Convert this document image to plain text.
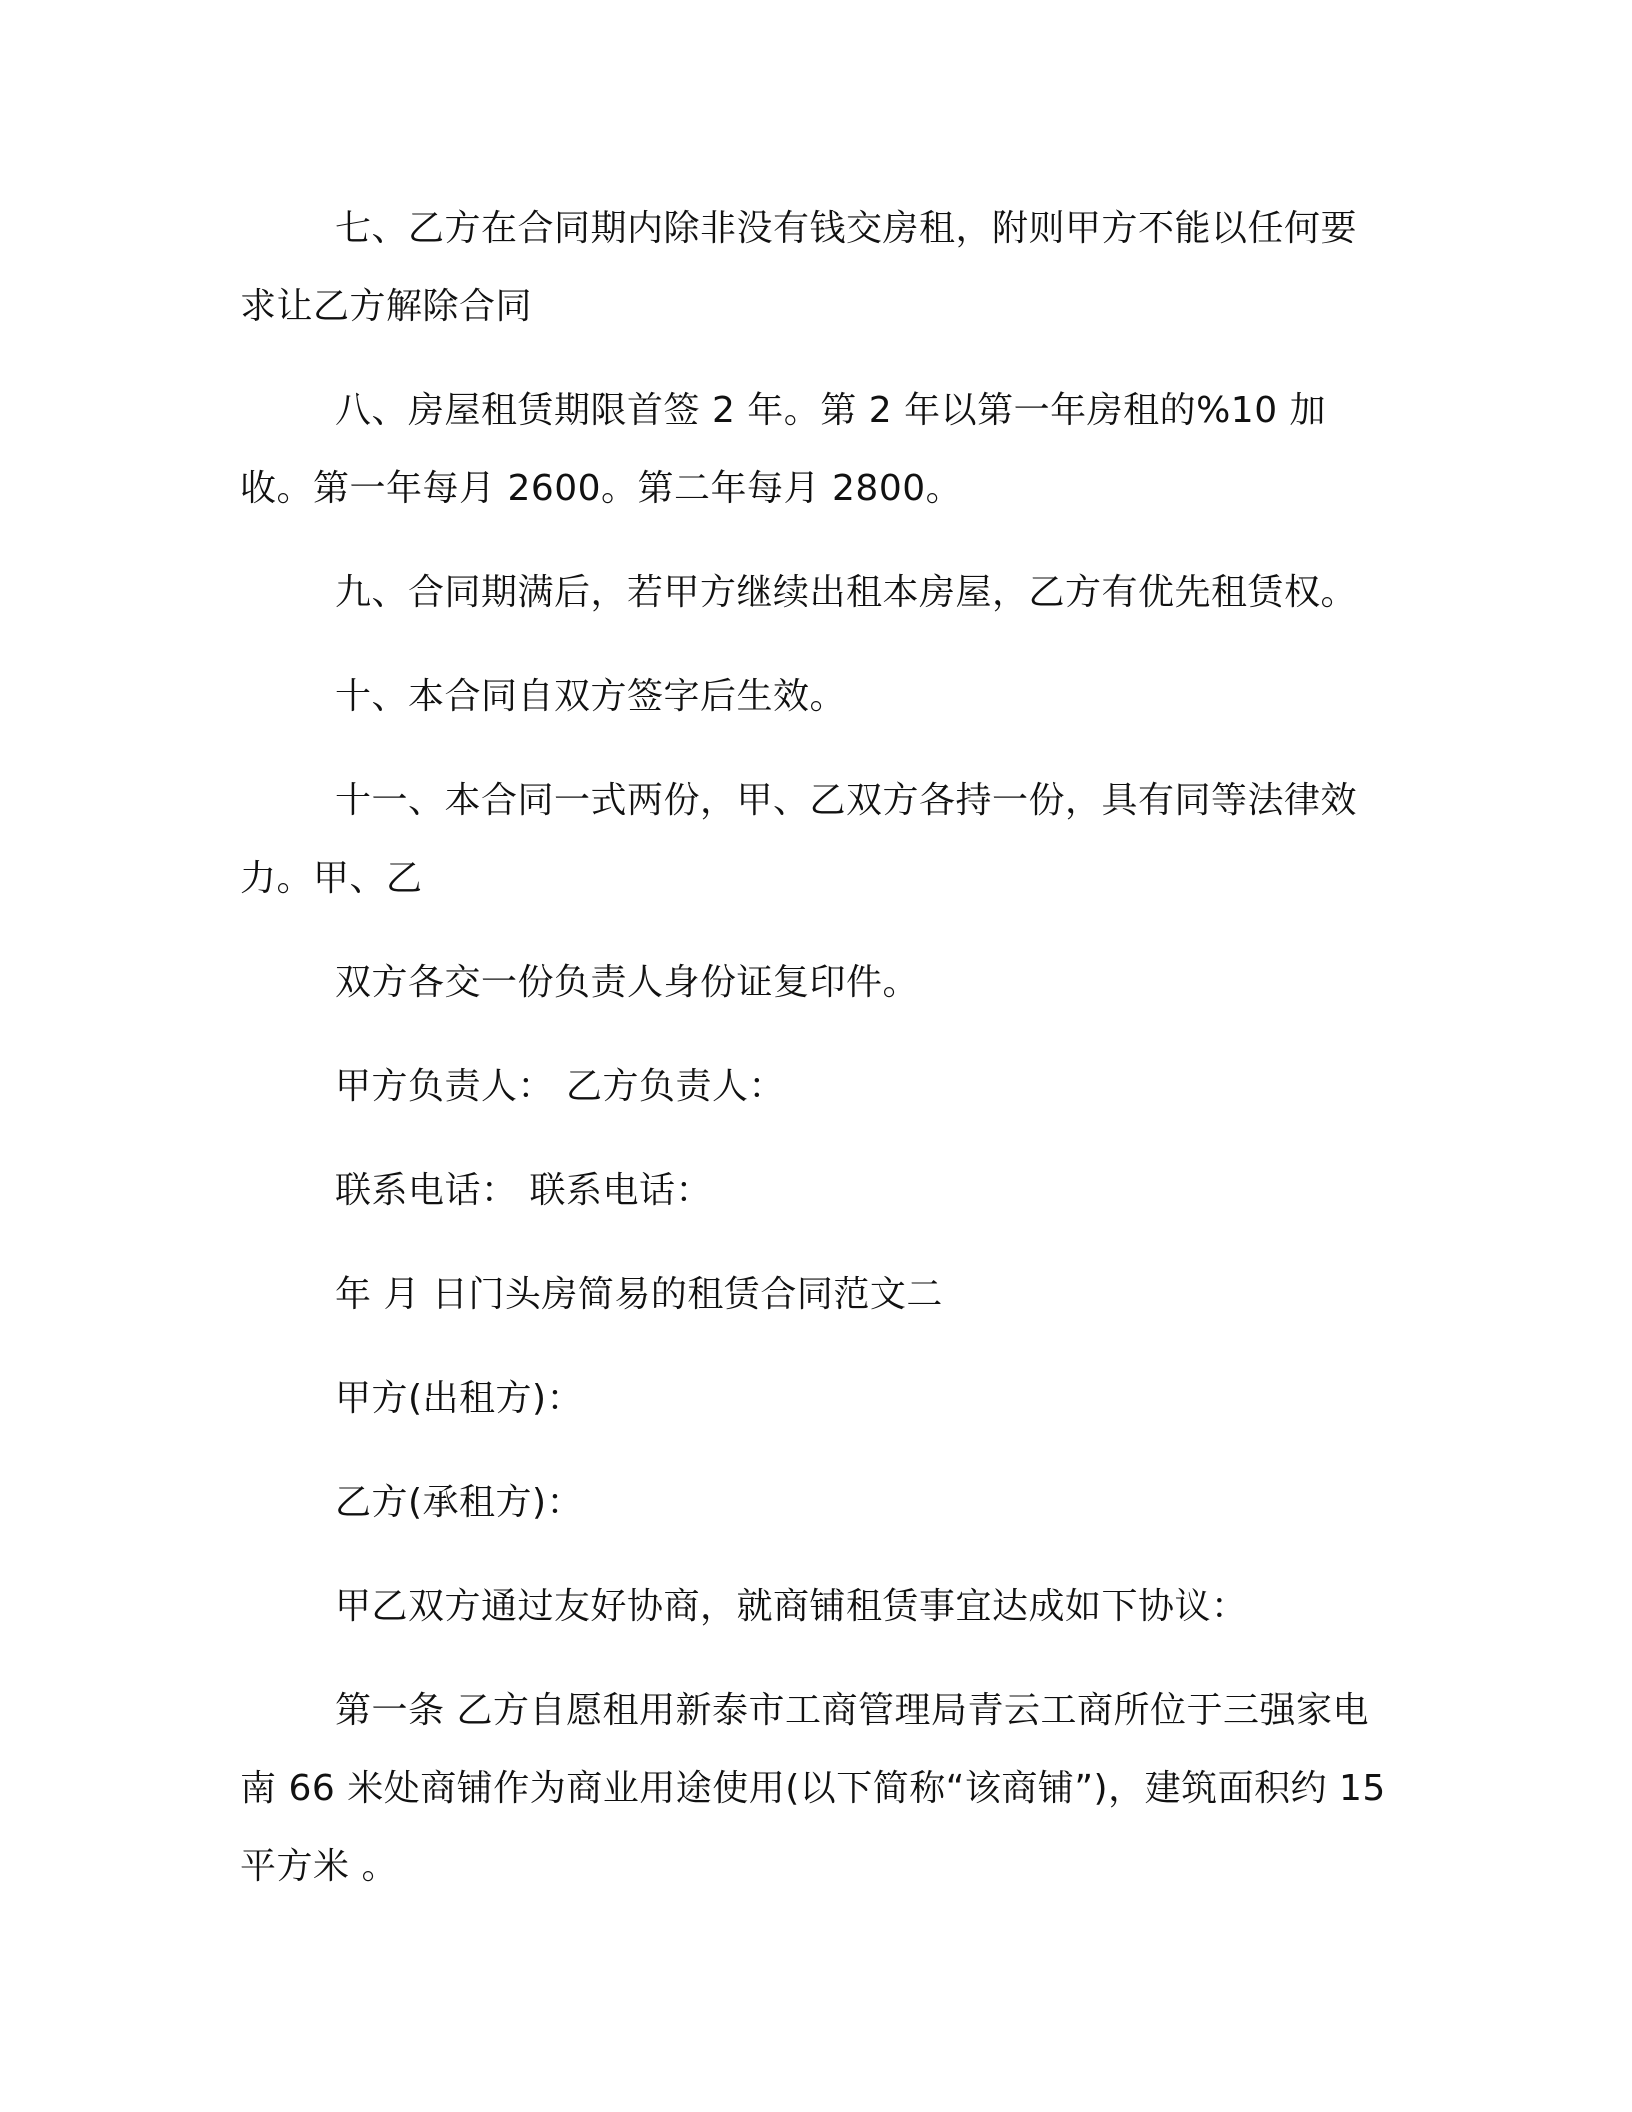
七、乙方在合同期内除非没有钱交房租，附则甲方不能以任何要求让乙方解除合同

八、房屋租赁期限首签 2 年。第 2 年以第一年房租的%10 加收。第一年每月 2600。第二年每月 2800。

九、合同期满后，若甲方继续出租本房屋，乙方有优先租赁权。

十、本合同自双方签字后生效。

十一、本合同一式两份，甲、乙双方各持一份，具有同等法律效力。甲、乙

双方各交一份负责人身份证复印件。

甲方负责人： 乙方负责人：

联系电话： 联系电话：

年 月 日门头房简易的租赁合同范文二

甲方(出租方)：

乙方(承租方)：

甲乙双方通过友好协商，就商铺租赁事宜达成如下协议：

第一条 乙方自愿租用新泰市工商管理局青云工商所位于三强家电南 66 米处商铺作为商业用途使用(以下简称“该商铺”)，建筑面积约 15 平方米 。
